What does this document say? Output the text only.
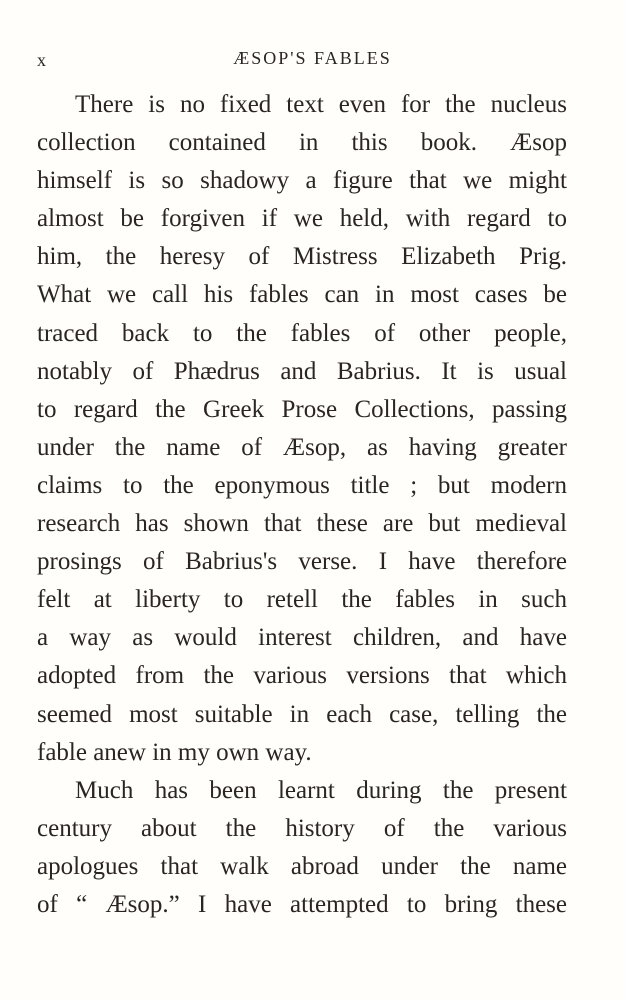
x	ÆSOP'S FABLES
There is no fixed text even for the nucleus
collection contained in this book. Æsop
himself is so shadowy a figure that we might
almost be forgiven if we held, with regard to
him, the heresy of Mistress Elizabeth Prig.
What we call his fables can in most cases be
traced back to the fables of other people,
notably of Phædrus and Babrius. It is usual
to regard the Greek Prose Collections, passing
under the name of Æsop, as having greater
claims to the eponymous title ; but modern
research has shown that these are but medieval
prosings of Babrius's verse. I have therefore
felt at liberty to retell the fables in such
a way as would interest children, and have
adopted from the various versions that which
seemed most suitable in each case, telling the
fable anew in my own way.
Much has been learnt during the present
century about the history of the various
apologues that walk abroad under the name
of “ Æsop.” I have attempted to bring these
